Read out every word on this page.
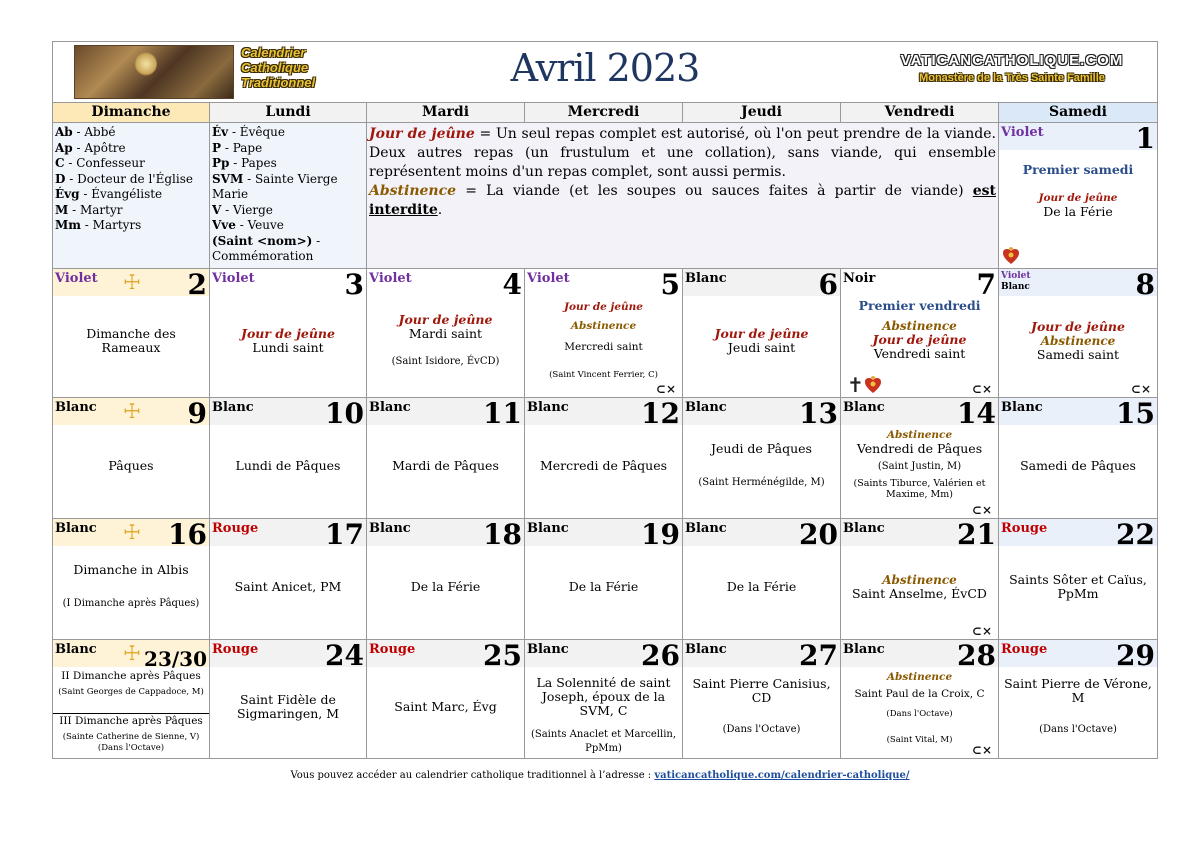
Calendrier
Catholique
Traditionnel	Avril 2023	VATICANCATHOLIQUE.COM
Monastère de la Très Sainte Famille
Dimanche	Lundi	Mardi	Mercredi	Jeudi	Vendredi	Samedi
Ab - Abbé
Ap - Apôtre
C - Confesseur
D - Docteur de l'Église
Évg - Évangéliste
M - Martyr
Mm - Martyrs
Év - Évêque
P - Pape
Pp - Papes
SVM - Sainte Vierge Marie
V - Vierge
Vve - Veuve
(Saint <nom>) - Commémoration
Jour de jeûne = Un seul repas complet est autorisé, où l'on peut prendre de la viande. Deux autres repas (un frustulum et une collation), sans viande, qui ensemble représentent moins d'un repas complet, sont aussi permis.
Abstinence = La viande (et les soupes ou sauces faites à partir de viande) est interdite.
Violet	1
Premier samedi
Jour de jeûne
De la Férie
Violet ☩ 2
Dimanche des Rameaux
Violet	3
Jour de jeûne
Lundi saint
Violet	4
Jour de jeûne
Mardi saint
(Saint Isidore, ÉvCD)
Violet	5
Jour de jeûne
Abstinence
Mercredi saint
(Saint Vincent Ferrier, C)
⊂×
Blanc	6
Jour de jeûne
Jeudi saint
Noir	7
Premier vendredi
Abstinence
Jour de jeûne
Vendredi saint
✝	⊂×
Violet
Blanc	8
Jour de jeûne
Abstinence
Samedi saint
⊂×
Blanc ☩ 9
Pâques
Blanc	10
Lundi de Pâques
Blanc	11
Mardi de Pâques
Blanc	12
Mercredi de Pâques
Blanc	13
Jeudi de Pâques
(Saint Herménégilde, M)
Blanc	14
Abstinence
Vendredi de Pâques
(Saint Justin, M)
(Saints Tiburce, Valérien et Maxime, Mm)
⊂×
Blanc	15
Samedi de Pâques
Blanc ☩ 16
Dimanche in Albis
(I Dimanche après Pâques)
Rouge 17
Saint Anicet, PM
Blanc	18
De la Férie
Blanc	19
De la Férie
Blanc	20
De la Férie
Blanc	21
Abstinence
Saint Anselme, ÉvCD
⊂×
Rouge 22
Saints Sôter et Caïus, PpMm
Blanc ☩ 23/30
II Dimanche après Pâques
(Saint Georges de Cappadoce, M)
III Dimanche après Pâques
(Sainte Catherine de Sienne, V)
(Dans l'Octave)
Rouge 24
Saint Fidèle de Sigmaringen, M
Rouge 25
Saint Marc, Évg
Blanc	26
La Solennité de saint Joseph, époux de la SVM, C
(Saints Anaclet et Marcellin, PpMm)
Blanc	27
Saint Pierre Canisius, CD
(Dans l'Octave)
Blanc	28
Abstinence
Saint Paul de la Croix, C
(Dans l'Octave)
(Saint Vital, M)
⊂×
Rouge 29
Saint Pierre de Vérone, M
(Dans l'Octave)
Vous pouvez accéder au calendrier catholique traditionnel à l’adresse : vaticancatholique.com/calendrier-catholique/
